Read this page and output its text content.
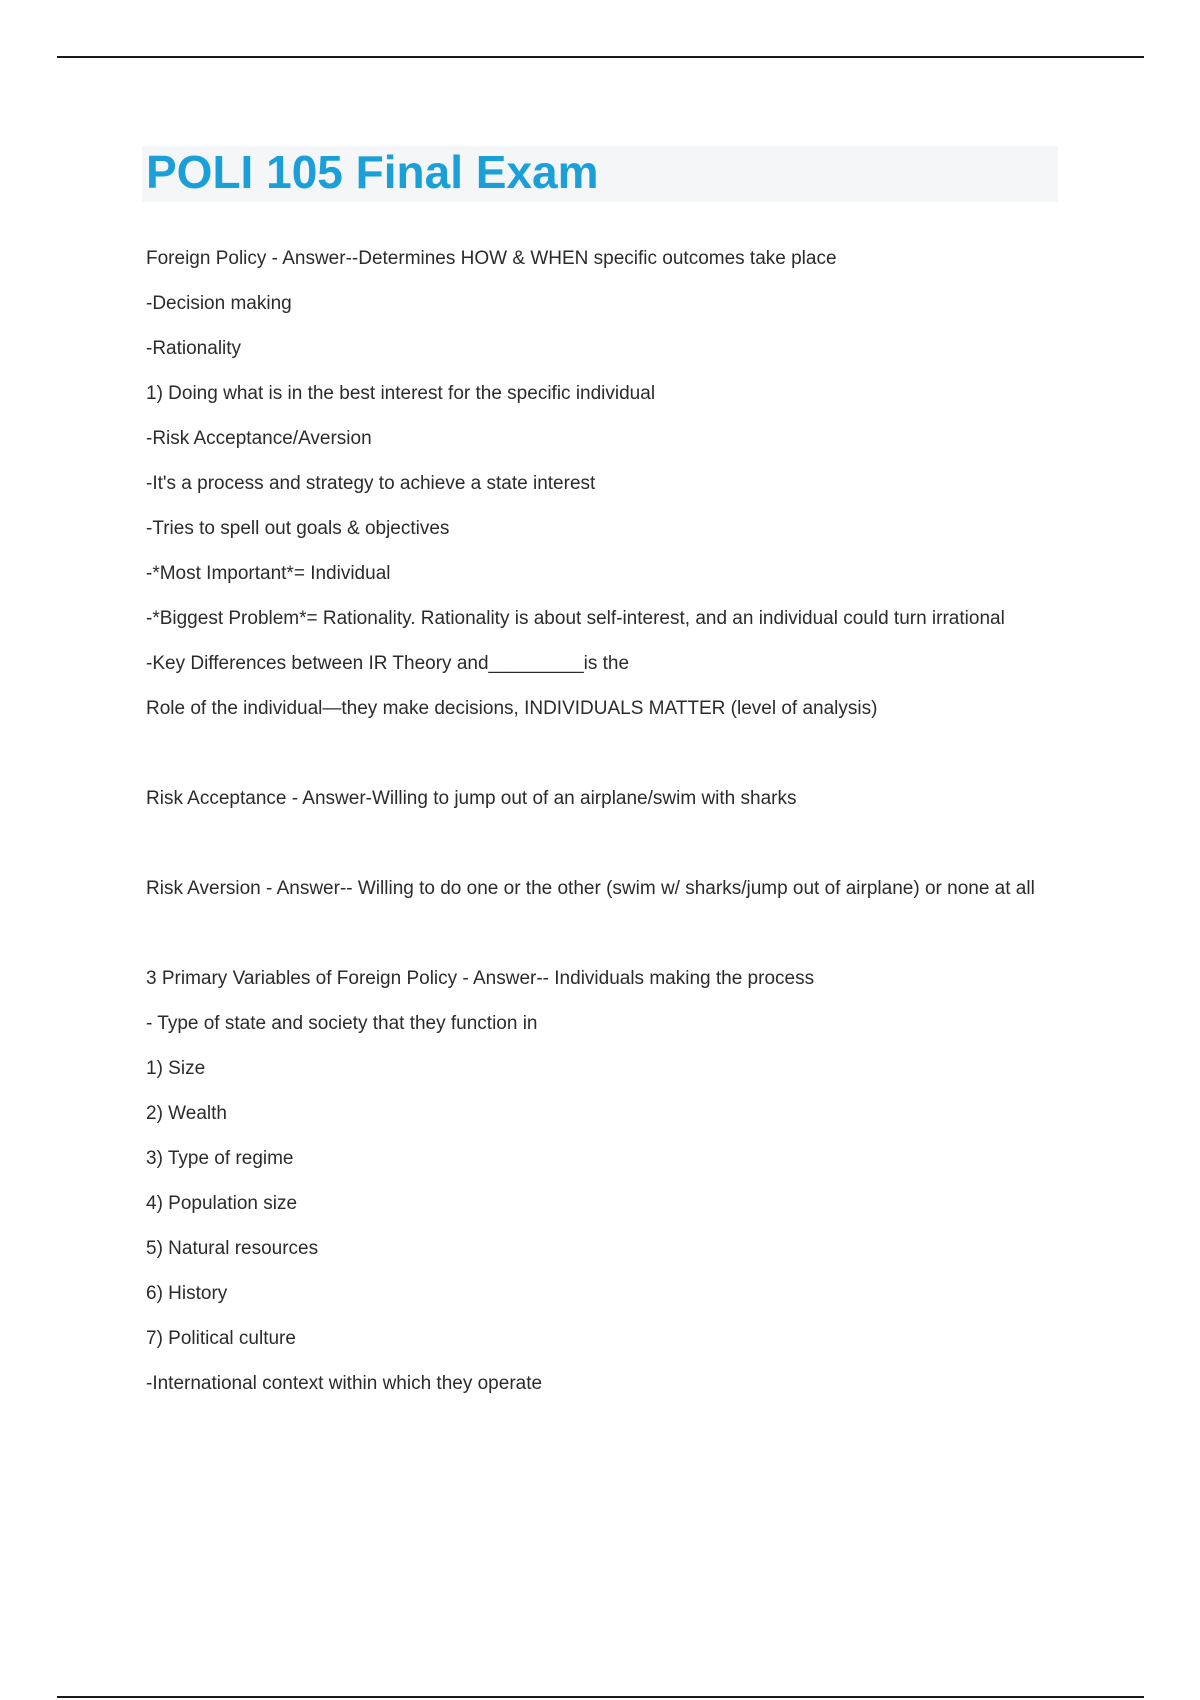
POLI 105 Final Exam

Foreign Policy - Answer--Determines HOW & WHEN specific outcomes take place

-Decision making

-Rationality

1) Doing what is in the best interest for the specific individual

-Risk Acceptance/Aversion

-It's a process and strategy to achieve a state interest

-Tries to spell out goals & objectives

-*Most Important*= Individual

-*Biggest Problem*= Rationality. Rationality is about self-interest, and an individual could turn irrational

-Key Differences between IR Theory and_________is the

Role of the individual—they make decisions, INDIVIDUALS MATTER (level of analysis)

Risk Acceptance - Answer-Willing to jump out of an airplane/swim with sharks

Risk Aversion - Answer-- Willing to do one or the other (swim w/ sharks/jump out of airplane) or none at all

3 Primary Variables of Foreign Policy - Answer-- Individuals making the process

- Type of state and society that they function in

1) Size

2) Wealth

3) Type of regime

4) Population size

5) Natural resources

6) History

7) Political culture

-International context within which they operate
